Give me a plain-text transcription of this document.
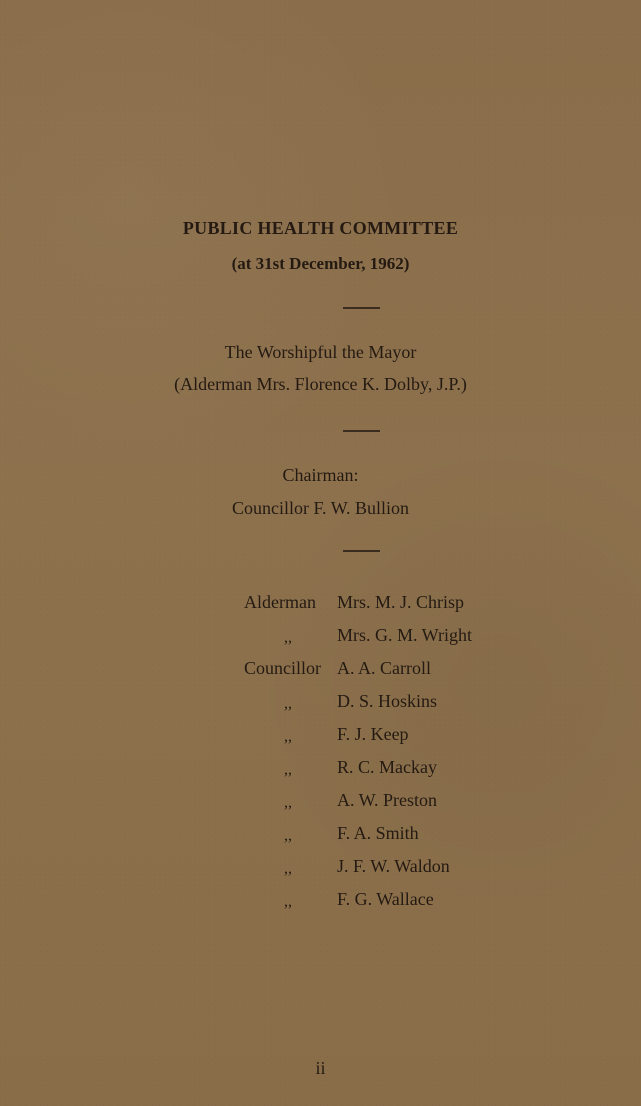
PUBLIC HEALTH COMMITTEE
(at 31st December, 1962)
The Worshipful the Mayor
(Alderman Mrs. Florence K. Dolby, J.P.)
Chairman:
Councillor F. W. Bullion
Alderman Mrs. M. J. Chrisp
,,	Mrs. G. M. Wright
Councillor A. A. Carroll
,,	D. S. Hoskins
,,	F. J. Keep
,,	R. C. Mackay
,,	A. W. Preston
,,	F. A. Smith
,,	J. F. W. Waldon
,,	F. G. Wallace
ii
